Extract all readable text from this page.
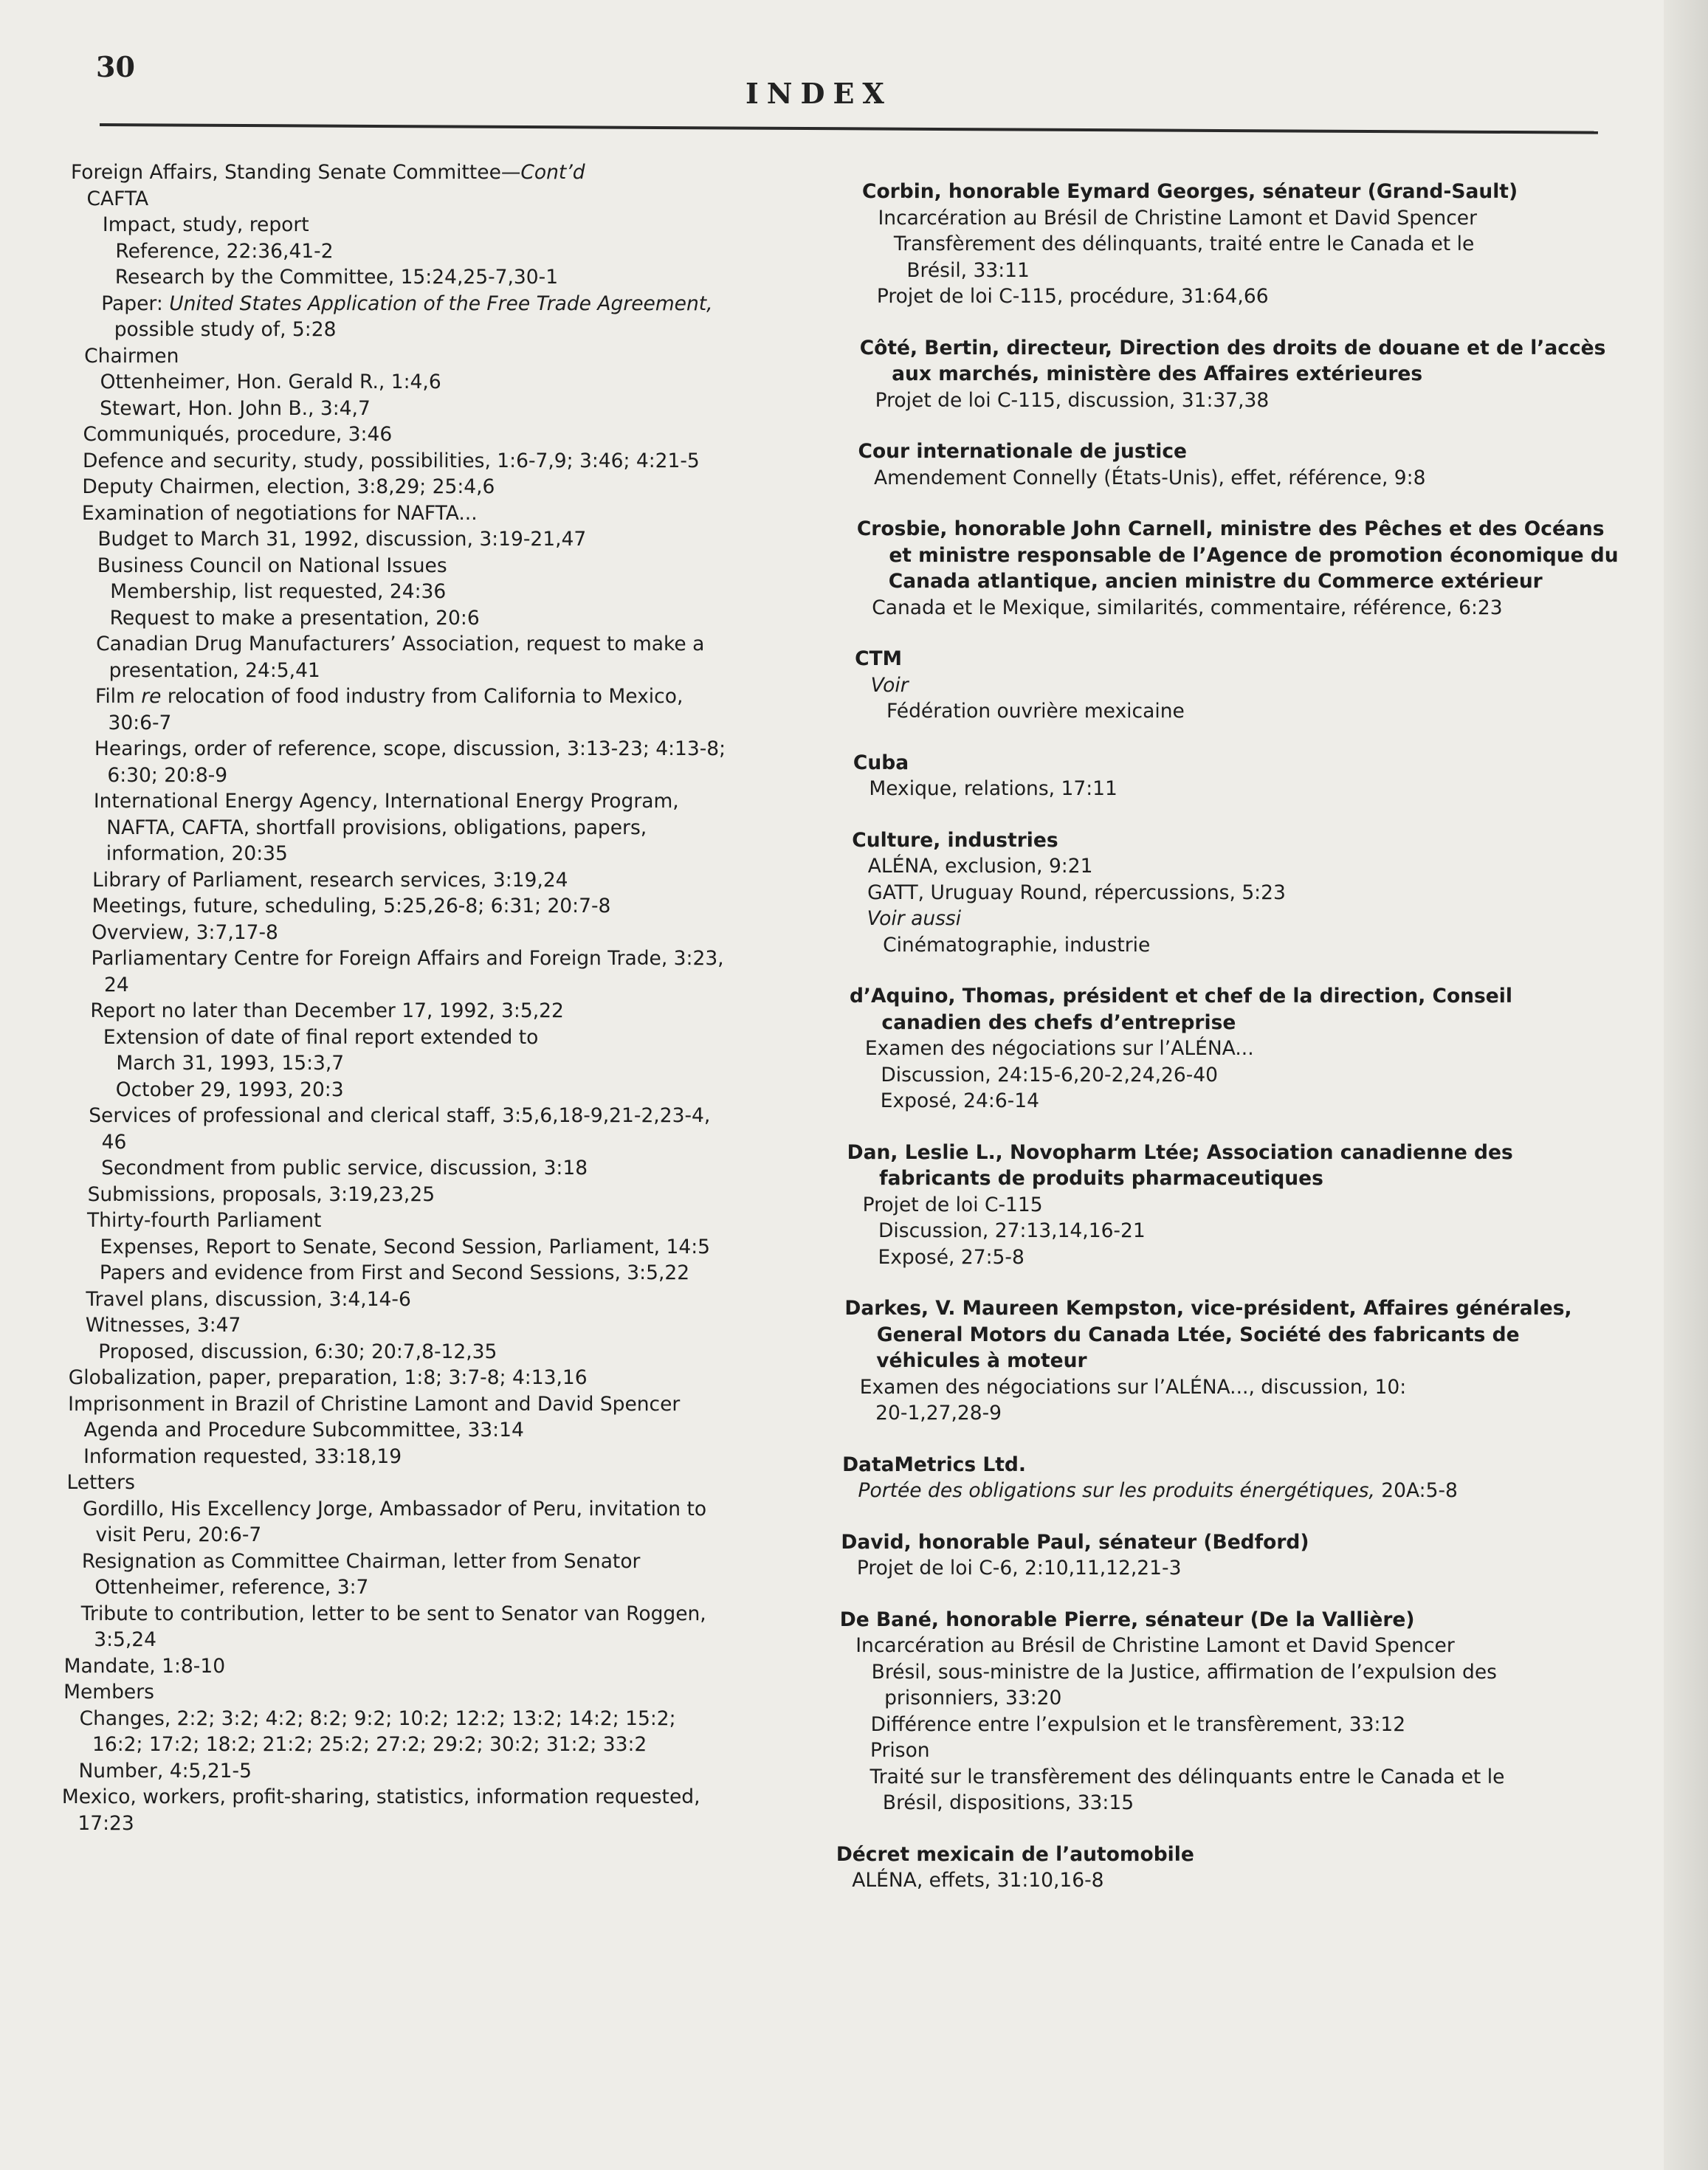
30
INDEX
Foreign Affairs, Standing Senate Committee—Cont’d
CAFTA
Impact, study, report
Reference, 22:36,41-2
Research by the Committee, 15:24,25-7,30-1
Paper: United States Application of the Free Trade Agreement,
possible study of, 5:28
Chairmen
Ottenheimer, Hon. Gerald R., 1:4,6
Stewart, Hon. John B., 3:4,7
Communiqués, procedure, 3:46
Defence and security, study, possibilities, 1:6-7,9; 3:46; 4:21-5
Deputy Chairmen, election, 3:8,29; 25:4,6
Examination of negotiations for NAFTA...
Budget to March 31, 1992, discussion, 3:19-21,47
Business Council on National Issues
Membership, list requested, 24:36
Request to make a presentation, 20:6
Canadian Drug Manufacturers’ Association, request to make a
presentation, 24:5,41
Film re relocation of food industry from California to Mexico,
30:6-7
Hearings, order of reference, scope, discussion, 3:13-23; 4:13-8;
6:30; 20:8-9
International Energy Agency, International Energy Program,
NAFTA, CAFTA, shortfall provisions, obligations, papers,
information, 20:35
Library of Parliament, research services, 3:19,24
Meetings, future, scheduling, 5:25,26-8; 6:31; 20:7-8
Overview, 3:7,17-8
Parliamentary Centre for Foreign Affairs and Foreign Trade, 3:23,
24
Report no later than December 17, 1992, 3:5,22
Extension of date of final report extended to
March 31, 1993, 15:3,7
October 29, 1993, 20:3
Services of professional and clerical staff, 3:5,6,18-9,21-2,23-4,
46
Secondment from public service, discussion, 3:18
Submissions, proposals, 3:19,23,25
Thirty-fourth Parliament
Expenses, Report to Senate, Second Session, Parliament, 14:5
Papers and evidence from First and Second Sessions, 3:5,22
Travel plans, discussion, 3:4,14-6
Witnesses, 3:47
Proposed, discussion, 6:30; 20:7,8-12,35
Globalization, paper, preparation, 1:8; 3:7-8; 4:13,16
Imprisonment in Brazil of Christine Lamont and David Spencer
Agenda and Procedure Subcommittee, 33:14
Information requested, 33:18,19
Letters
Gordillo, His Excellency Jorge, Ambassador of Peru, invitation to
visit Peru, 20:6-7
Resignation as Committee Chairman, letter from Senator
Ottenheimer, reference, 3:7
Tribute to contribution, letter to be sent to Senator van Roggen,
3:5,24
Mandate, 1:8-10
Members
Changes, 2:2; 3:2; 4:2; 8:2; 9:2; 10:2; 12:2; 13:2; 14:2; 15:2;
16:2; 17:2; 18:2; 21:2; 25:2; 27:2; 29:2; 30:2; 31:2; 33:2
Number, 4:5,21-5
Mexico, workers, profit-sharing, statistics, information requested,
17:23
Corbin, honorable Eymard Georges, sénateur (Grand-Sault)
Incarcération au Brésil de Christine Lamont et David Spencer
Transfèrement des délinquants, traité entre le Canada et le
Brésil, 33:11
Projet de loi C-115, procédure, 31:64,66
Côté, Bertin, directeur, Direction des droits de douane et de l’accès
aux marchés, ministère des Affaires extérieures
Projet de loi C-115, discussion, 31:37,38
Cour internationale de justice
Amendement Connelly (États-Unis), effet, référence, 9:8
Crosbie, honorable John Carnell, ministre des Pêches et des Océans
et ministre responsable de l’Agence de promotion économique du
Canada atlantique, ancien ministre du Commerce extérieur
Canada et le Mexique, similarités, commentaire, référence, 6:23
CTM
Voir
Fédération ouvrière mexicaine
Cuba
Mexique, relations, 17:11
Culture, industries
ALÉNA, exclusion, 9:21
GATT, Uruguay Round, répercussions, 5:23
Voir aussi
Cinématographie, industrie
d’Aquino, Thomas, président et chef de la direction, Conseil
canadien des chefs d’entreprise
Examen des négociations sur l’ALÉNA...
Discussion, 24:15-6,20-2,24,26-40
Exposé, 24:6-14
Dan, Leslie L., Novopharm Ltée; Association canadienne des
fabricants de produits pharmaceutiques
Projet de loi C-115
Discussion, 27:13,14,16-21
Exposé, 27:5-8
Darkes, V. Maureen Kempston, vice-président, Affaires générales,
General Motors du Canada Ltée, Société des fabricants de
véhicules à moteur
Examen des négociations sur l’ALÉNA..., discussion, 10:
20-1,27,28-9
DataMetrics Ltd.
Portée des obligations sur les produits énergétiques, 20A:5-8
David, honorable Paul, sénateur (Bedford)
Projet de loi C-6, 2:10,11,12,21-3
De Bané, honorable Pierre, sénateur (De la Vallière)
Incarcération au Brésil de Christine Lamont et David Spencer
Brésil, sous-ministre de la Justice, affirmation de l’expulsion des
prisonniers, 33:20
Différence entre l’expulsion et le transfèrement, 33:12
Prison
Traité sur le transfèrement des délinquants entre le Canada et le
Brésil, dispositions, 33:15
Décret mexicain de l’automobile
ALÉNA, effets, 31:10,16-8
